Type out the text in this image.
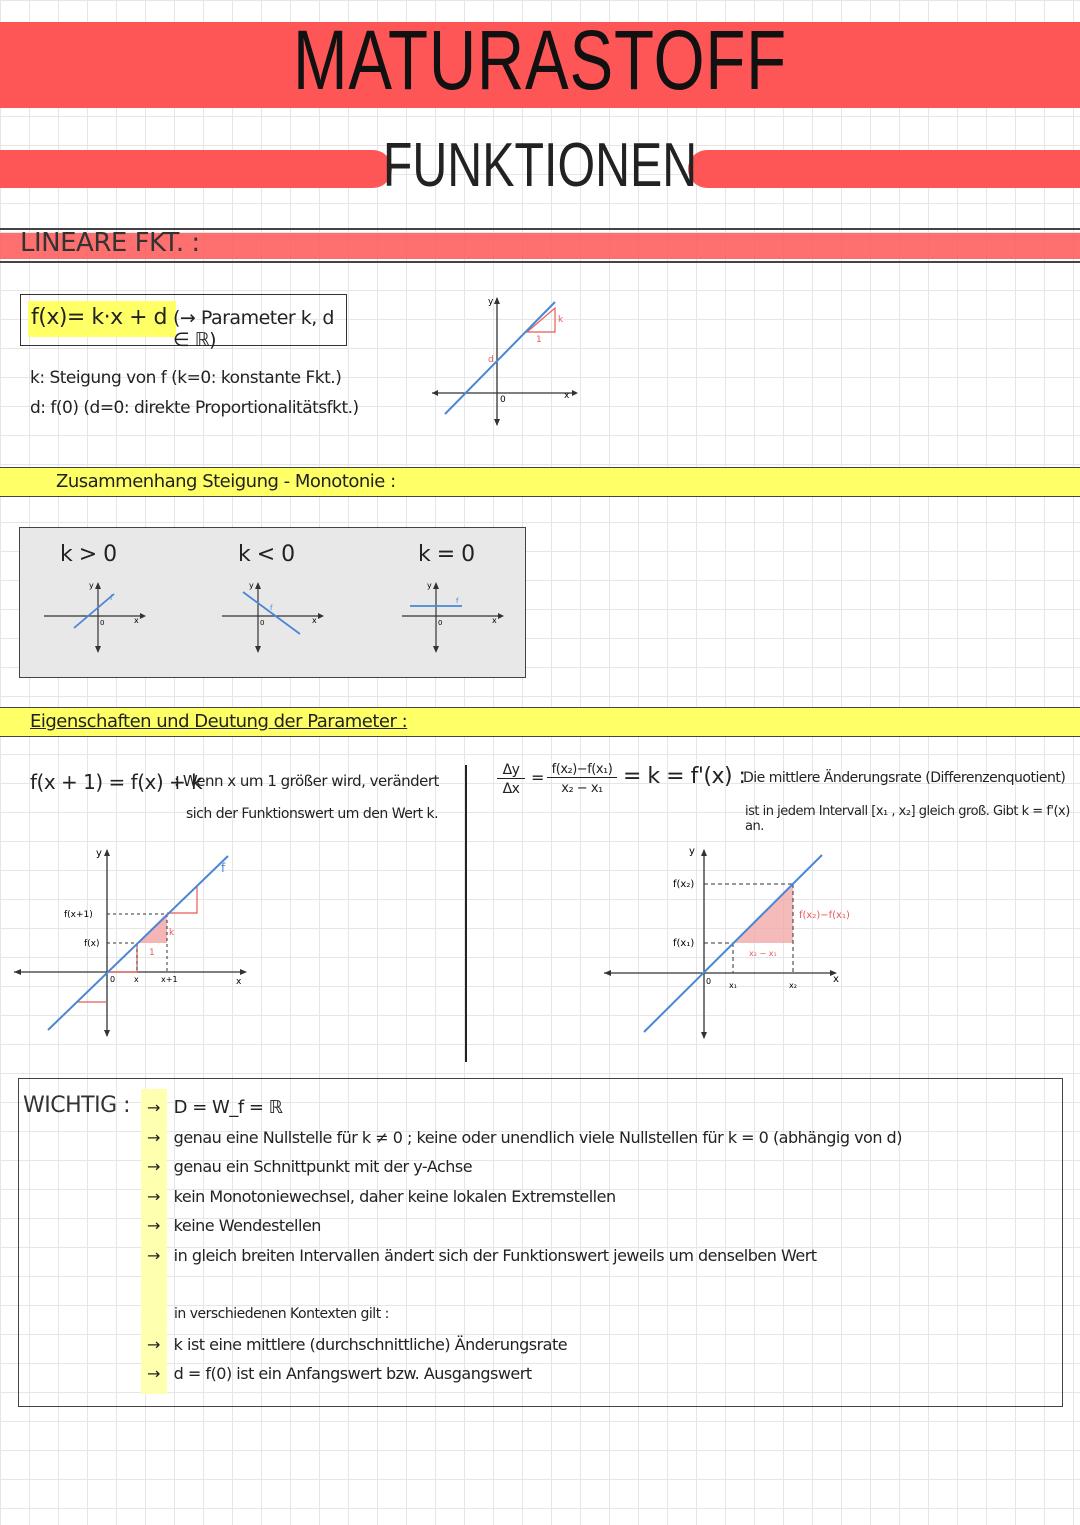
MATURASTOFF
FUNKTIONEN
LINEARE FKT. :
f(x)= k·x + d (→ Parameter k, d ∈ ℝ)
k: Steigung von f (k=0: konstante Fkt.)
d: f(0) (d=0: direkte Proportionalitätsfkt.)
y
x
0
d
k
1
Zusammenhang Steigung - Monotonie :
k > 0	k < 0	k = 0
y
x
0
f
y
x
0
f
y
x
0
f
Eigenschaften und Deutung der Parameter :
f(x + 1) = f(x) + k
: Wenn x um 1 größer wird, verändert
sich der Funktionswert um den Wert k.
y
x
f
f(x+1)
f(x)
k
1
0 x	x+1
Δy
Δx
= f(x₂)−f(x₁)
x₂ − x₁ = k = f'(x) :
Die mittlere Änderungsrate (Differenzenquotient)
ist in jedem Intervall [x₁ , x₂] gleich groß. Gibt k = f'(x) an.
y
x
f(x₂)
f(x₁)
f(x₂)−f(x₁)
x₂ − x₁
0 x₁	x₂
WICHTIG : → D = W_f = ℝ
→ genau eine Nullstelle für k ≠ 0 ; keine oder unendlich viele Nullstellen für k = 0 (abhängig von d)
→ genau ein Schnittpunkt mit der y-Achse
→ kein Monotoniewechsel, daher keine lokalen Extremstellen
→ keine Wendestellen
→ in gleich breiten Intervallen ändert sich der Funktionswert jeweils um denselben Wert
in verschiedenen Kontexten gilt :
→ k ist eine mittlere (durchschnittliche) Änderungsrate
→ d = f(0) ist ein Anfangswert bzw. Ausgangswert
